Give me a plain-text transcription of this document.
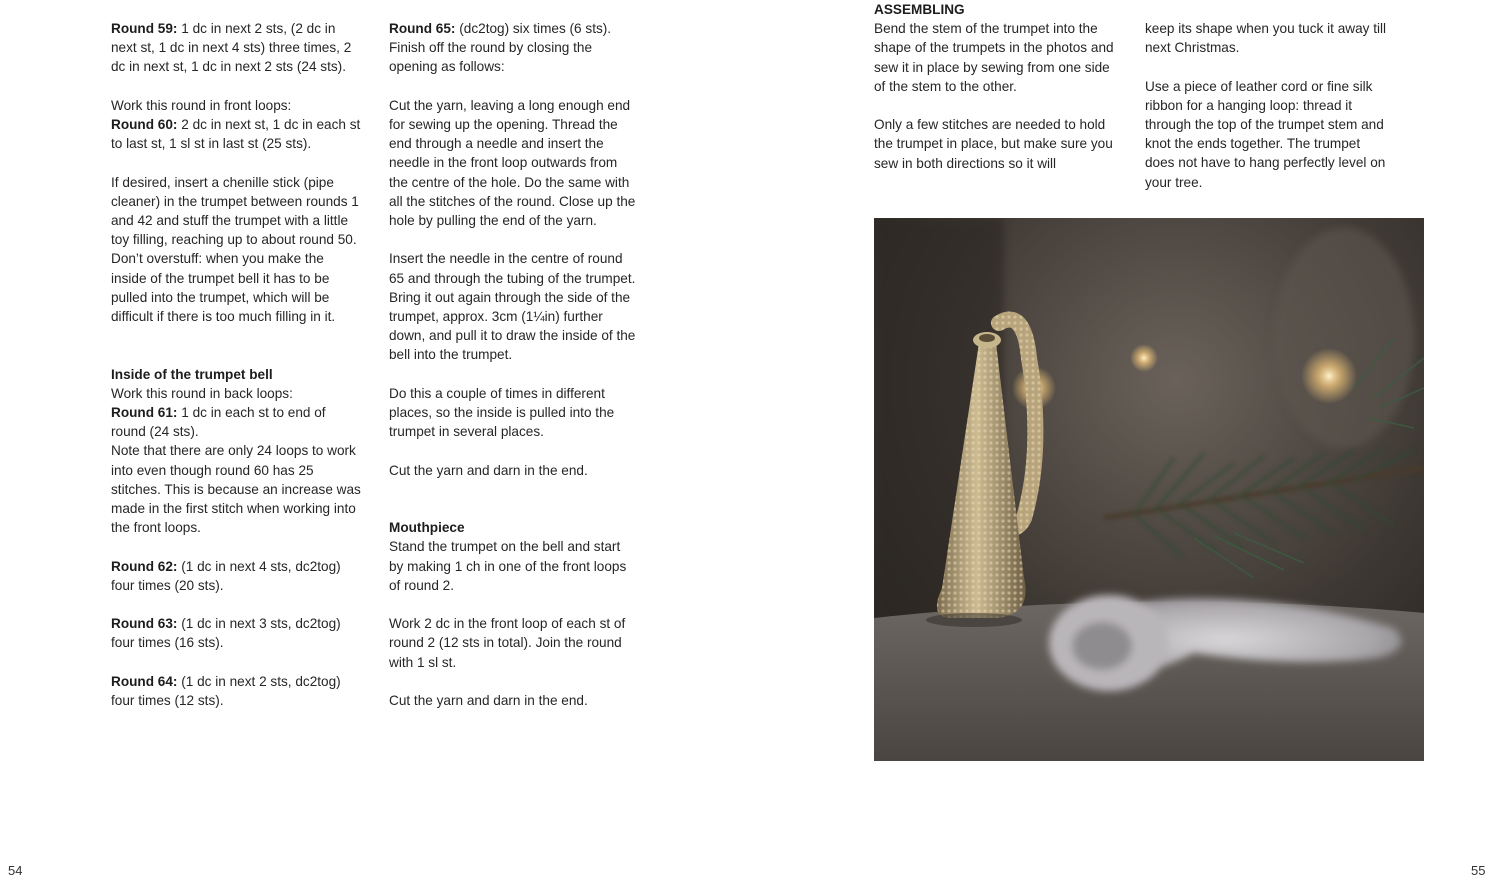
Round 59: 1 dc in next 2 sts, (2 dc in next st, 1 dc in next 4 sts) three times, 2 dc in next st, 1 dc in next 2 sts (24 sts).

Work this round in front loops:

Round 60: 2 dc in next st, 1 dc in each st to last st, 1 sl st in last st (25 sts).

If desired, insert a chenille stick (pipe cleaner) in the trumpet between rounds 1 and 42 and stuff the trumpet with a little toy filling, reaching up to about round 50. Don’t overstuff: when you make the inside of the trumpet bell it has to be pulled into the trumpet, which will be difficult if there is too much filling in it.

Inside of the trumpet bell

Work this round in back loops:

Round 61: 1 dc in each st to end of round (24 sts).

Note that there are only 24 loops to work into even though round 60 has 25 stitches. This is because an increase was made in the first stitch when working into the front loops.

Round 62: (1 dc in next 4 sts, dc2tog) four times (20 sts).

Round 63: (1 dc in next 3 sts, dc2tog) four times (16 sts).

Round 64: (1 dc in next 2 sts, dc2tog) four times (12 sts).

Round 65: (dc2tog) six times (6 sts). Finish off the round by closing the opening as follows:

Cut the yarn, leaving a long enough end for sewing up the opening. Thread the end through a needle and insert the needle in the front loop outwards from the centre of the hole. Do the same with all the stitches of the round. Close up the hole by pulling the end of the yarn.

Insert the needle in the centre of round 65 and through the tubing of the trumpet. Bring it out again through the side of the trumpet, approx. 3cm (1¼in) further down, and pull it to draw the inside of the bell into the trumpet.

Do this a couple of times in different places, so the inside is pulled into the trumpet in several places.

Cut the yarn and darn in the end.

Mouthpiece

Stand the trumpet on the bell and start by making 1 ch in one of the front loops of round 2.

Work 2 dc in the front loop of each st of round 2 (12 sts in total). Join the round with 1 sl st.

Cut the yarn and darn in the end.

54

ASSEMBLING

Bend the stem of the trumpet into the shape of the trumpets in the photos and sew it in place by sewing from one side of the stem to the other.

Only a few stitches are needed to hold the trumpet in place, but make sure you sew in both directions so it will

keep its shape when you tuck it away till next Christmas.

Use a piece of leather cord or fine silk ribbon for a hanging loop: thread it through the top of the trumpet stem and knot the ends together. The trumpet does not have to hang perfectly level on your tree.

55
